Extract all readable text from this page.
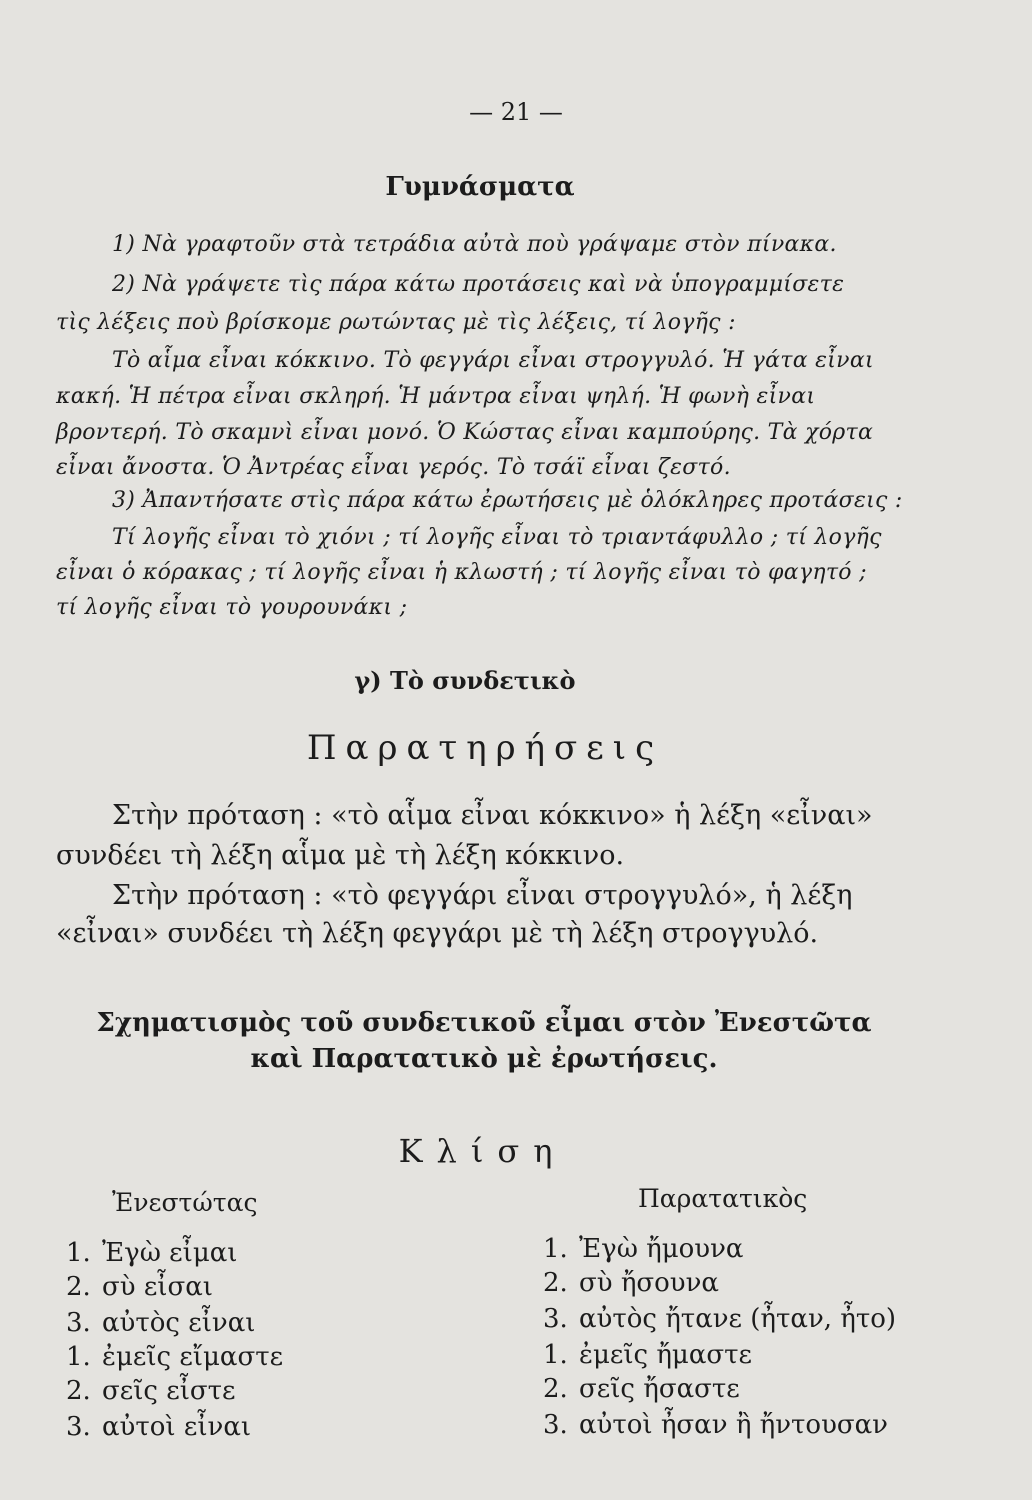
— 21 —
Γυμνάσματα
1) Νὰ γραφτοῦν στὰ τετράδια αὐτὰ ποὺ γράψαμε στὸν πίνακα.
2) Νὰ γράψετε τὶς πάρα κάτω προτάσεις καὶ νὰ ὑπογραμμίσετε
τὶς λέξεις ποὺ βρίσκομε ρωτώντας μὲ τὶς λέξεις, τί λογῆς :
Τὸ αἷμα εἶναι κόκκινο. Τὸ φεγγάρι εἶναι στρογγυλό. Ἡ γάτα εἶναι
κακή. Ἡ πέτρα εἶναι σκληρή. Ἡ μάντρα εἶναι ψηλή. Ἡ φωνὴ εἶναι
βροντερή. Τὸ σκαμνὶ εἶναι μονό. Ὁ Κώστας εἶναι καμπούρης. Τὰ χόρτα
εἶναι ἄνοστα. Ὁ Ἀντρέας εἶναι γερός. Τὸ τσάϊ εἶναι ζεστό.
3) Ἀπαντήσατε στὶς πάρα κάτω ἐρωτήσεις μὲ ὁλόκληρες προτάσεις :
Τί λογῆς εἶναι τὸ χιόνι ; τί λογῆς εἶναι τὸ τριαντάφυλλο ; τί λογῆς
εἶναι ὁ κόρακας ; τί λογῆς εἶναι ἡ κλωστή ; τί λογῆς εἶναι τὸ φαγητό ;
τί λογῆς εἶναι τὸ γουρουνάκι ;
γ) Τὸ συνδετικὸ
Παρατηρήσεις
Στὴν πρόταση : «τὸ αἷμα εἶναι κόκκινο» ἡ λέξη «εἶναι»
συνδέει τὴ λέξη αἷμα μὲ τὴ λέξη κόκκινο.
Στὴν πρόταση : «τὸ φεγγάρι εἶναι στρογγυλό», ἡ λέξη
«εἶναι» συνδέει τὴ λέξη φεγγάρι μὲ τὴ λέξη στρογγυλό.
Σχηματισμὸς τοῦ συνδετικοῦ εἶμαι στὸν Ἐνεστῶτα
καὶ Παρατατικὸ μὲ ἐρωτήσεις.
Κλίση
Ἐνεστώτας
1. Ἐγὼ εἶμαι
2. σὺ εἶσαι
3. αὐτὸς εἶναι
1. ἐμεῖς εἴμαστε
2. σεῖς εἶστε
3. αὐτοὶ εἶναι
Παρατατικὸς
1. Ἐγὼ ἤμουνα
2. σὺ ἤσουνα
3. αὐτὸς ἤτανε (ἦταν, ἦτο)
1. ἐμεῖς ἤμαστε
2. σεῖς ἤσαστε
3. αὐτοὶ ἦσαν ἢ ἤντουσαν
